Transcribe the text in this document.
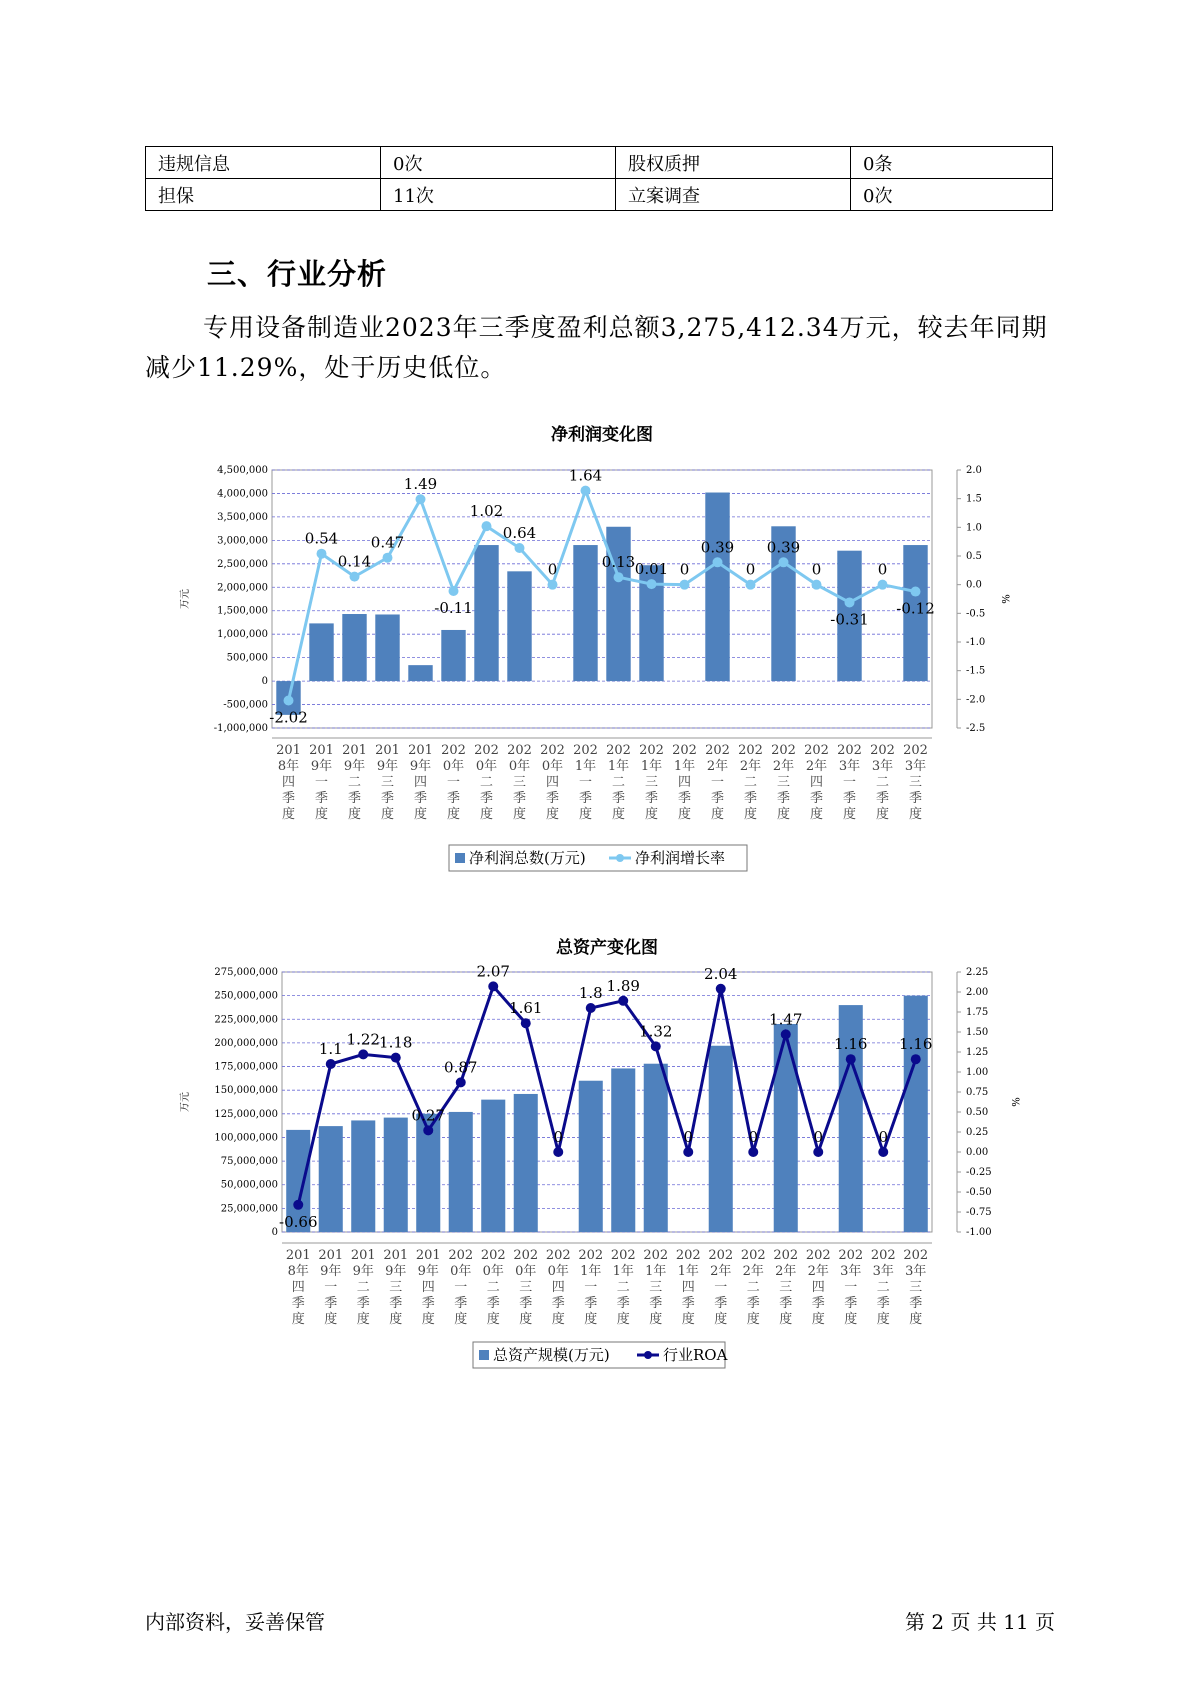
违规信息	0次	股权质押	0条
担保	11次	立案调查	0次
三、行业分析

专用设备制造业2023年三季度盈利总额3,275,412.34万元，较去年同期减少11.29%，处于历史低位。

净利润变化图
4,500,000
4,000,000
3,500,000
3,000,000
2,500,000
2,000,000
1,500,000
1,000,000
500,000
0
-500,000
-1,000,000
2.0
1.5
1.0
0.5
0.0
-0.5
-1.0
-1.5
-2.0
-2.5
万元	%
-2.02
0.54
0.14
0.47
1.49
-0.11
1.02
0.64
0
1.64
0.13 0.01 0
0.39
0
0.39
0
-0.31
0
-0.12
201 8年四季度
201 9年一季度
201 9年二季度
201 9年三季度
201 9年四季度
202 0年一季度
202 0年二季度
202 0年三季度
202 0年四季度
202 1年一季度
202 1年二季度
202 1年三季度
202 1年四季度
202 2年一季度
202 2年二季度
202 2年三季度
202 2年四季度
202 3年一季度
202 3年二季度
202 3年三季度
净利润总数(万元)	净利润增长率
总资产变化图
275,000,000
250,000,000
225,000,000
200,000,000
175,000,000
150,000,000
125,000,000
100,000,000
75,000,000
50,000,000
25,000,000
0
2.25
2.00
1.75
1.50
1.25
1.00
0.75
0.50
0.25
0.00
-0.25
-0.50
-0.75
-1.00
万元	%
-0.66
1.1
1.22 1.18
0.27
0.87
2.07
1.61
0
1.8 1.89
1.32
0
2.04
0
1.47
0
1.16
0
1.16
201 8年四季度
201 9年一季度
201 9年二季度
201 9年三季度
201 9年四季度
202 0年一季度
202 0年二季度
202 0年三季度
202 0年四季度
202 1年一季度
202 1年二季度
202 1年三季度
202 1年四季度
202 2年一季度
202 2年二季度
202 2年三季度
202 2年四季度
202 3年一季度
202 3年二季度
202 3年三季度
总资产规模(万元)	行业ROA
内部资料，妥善保管	第 2 页 共 11 页
